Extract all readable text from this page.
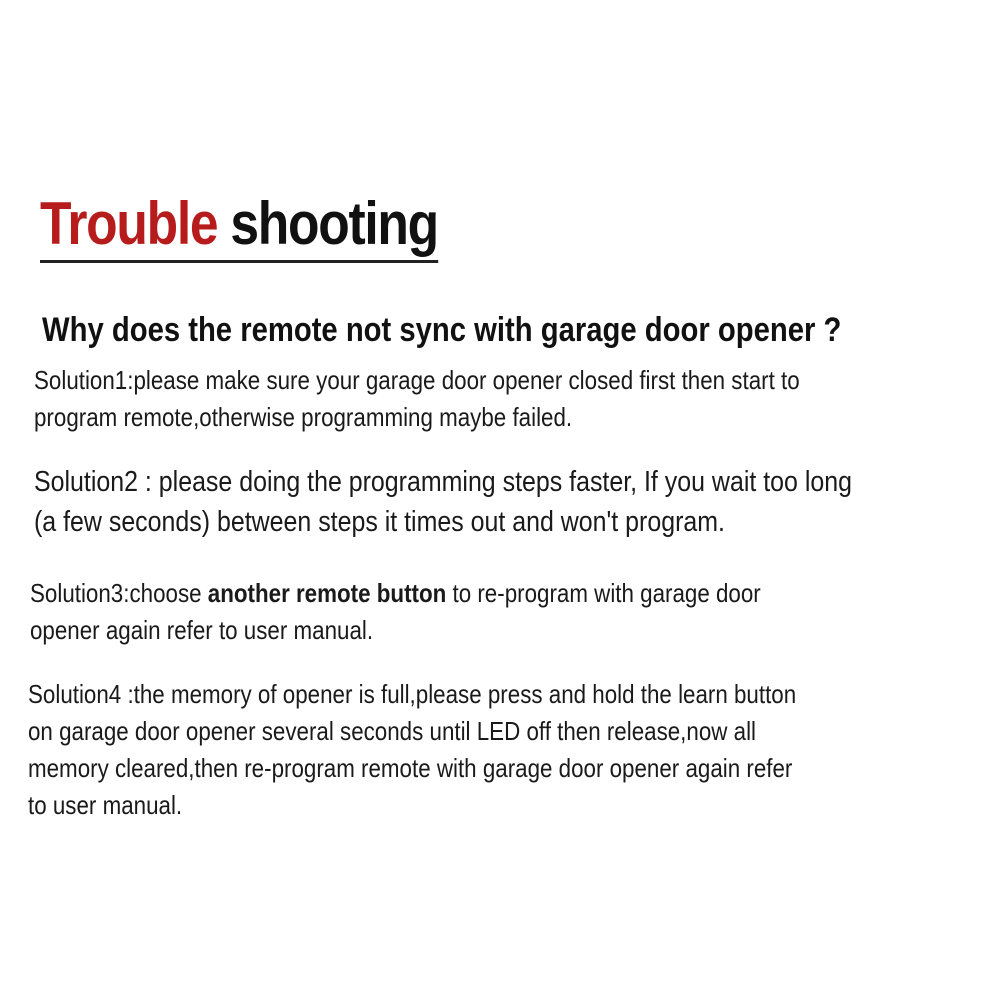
Trouble shooting
Why does the remote not sync with garage door opener ?

Solution1:please make sure your garage door opener closed first then start to
program remote,otherwise programming maybe failed.

Solution2 : please doing the programming steps faster, If you wait too long
(a few seconds) between steps it times out and won't program.

Solution3:choose another remote button to re-program with garage door
opener again refer to user manual.

Solution4 :the memory of opener is full,please press and hold the learn button
on garage door opener several seconds until LED off then release,now all
memory cleared,then re-program remote with garage door opener again refer
to user manual.
